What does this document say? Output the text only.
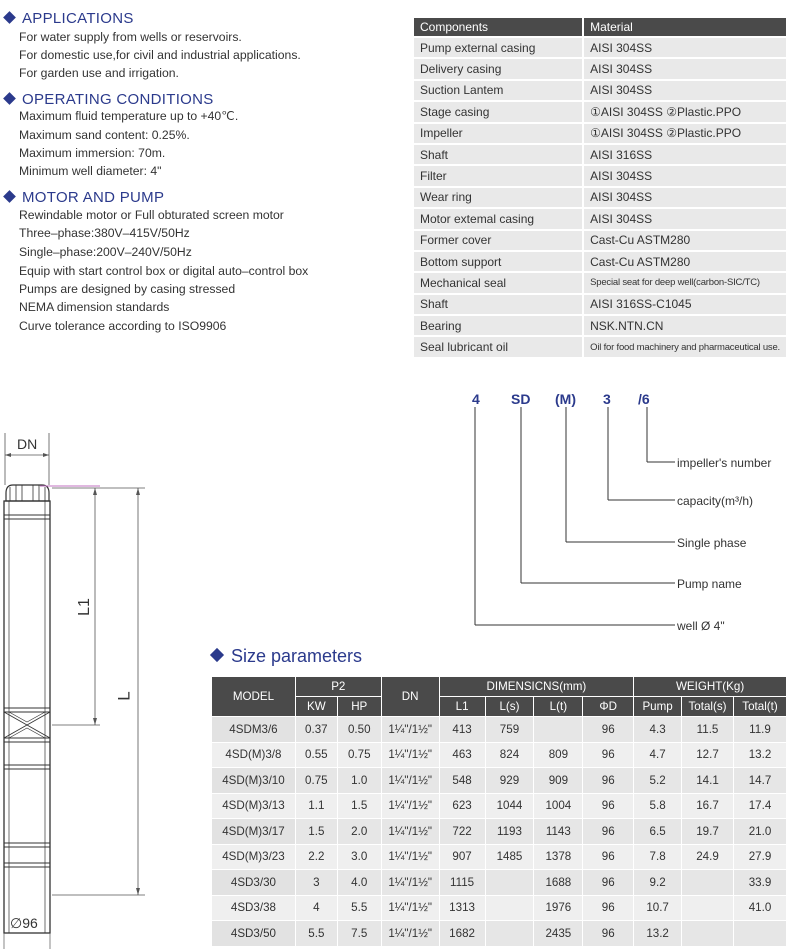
APPLICATIONS
For water supply from wells or reservoirs.
For domestic use,for civil and industrial applications.
For garden use and irrigation.
OPERATING CONDITIONS
Maximum fluid temperature up to +40℃.
Maximum sand content: 0.25%.
Maximum immersion: 70m.
Minimum well diameter: 4"
MOTOR AND PUMP
Rewindable motor or Full obturated screen motor
Three–phase:380V–415V/50Hz
Single–phase:200V–240V/50Hz
Equip with start control box or digital auto–control box
Pumps are designed by casing stressed
NEMA dimension standards
Curve tolerance according to ISO9906
Components	Material
Pump external casing	AISI 304SS
Delivery casing	AISI 304SS
Suction Lantem	AISI 304SS
Stage casing	①AISI 304SS ②Plastic.PPO
Impeller	①AISI 304SS ②Plastic.PPO
Shaft	AISI 316SS
Filter	AISI 304SS
Wear ring	AISI 304SS
Motor extemal casing	AISI 304SS
Former cover	Cast-Cu ASTM280
Bottom support	Cast-Cu ASTM280
Mechanical seal	Special seat for deep well(carbon-SIC/TC)
Shaft	AISI 316SS-C1045
Bearing	NSK.NTN.CN
Seal lubricant oil	Oil for food machinery and pharmaceutical use.
DN
L1
L
∅96
4 SD (M) 3 /6
impeller's number
capacity(m³/h)
Single phase
Pump name
well Ø 4"
Size parameters
MODEL	P2		DN	DIMENSICNS(mm)				WEIGHT(Kg)		
	KW	HP		L1	L(s)	L(t)	ΦD	Pump	Total(s)	Total(t)
4SDM3/6	0.37	0.50	1¼"/1½"	413	759		96	4.3	11.5	11.9
4SD(M)3/8	0.55	0.75	1¼"/1½"	463	824	809	96	4.7	12.7	13.2
4SD(M)3/10	0.75	1.0	1¼"/1½"	548	929	909	96	5.2	14.1	14.7
4SD(M)3/13	1.1	1.5	1¼"/1½"	623	1044	1004	96	5.8	16.7	17.4
4SD(M)3/17	1.5	2.0	1¼"/1½"	722	1193	1143	96	6.5	19.7	21.0
4SD(M)3/23	2.2	3.0	1¼"/1½"	907	1485	1378	96	7.8	24.9	27.9
4SD3/30	3	4.0	1¼"/1½"	1115		1688	96	9.2		33.9
4SD3/38	4	5.5	1¼"/1½"	1313		1976	96	10.7		41.0
4SD3/50	5.5	7.5	1¼"/1½"	1682		2435	96	13.2		
